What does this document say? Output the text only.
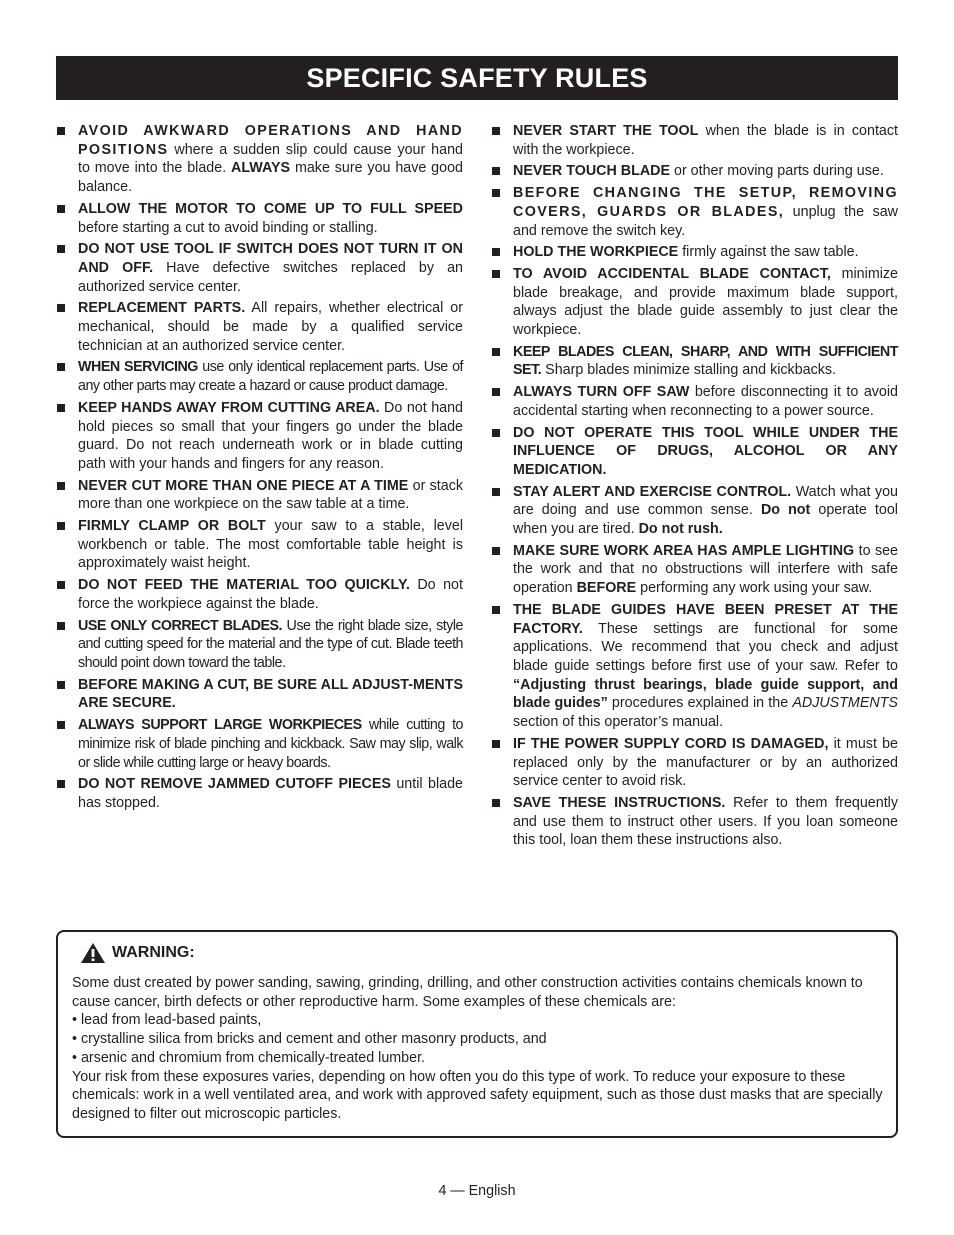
SPECIFIC SAFETY RULES
AVOID AWKWARD OPERATIONS AND HAND POSITIONS where a sudden slip could cause your hand to move into the blade. ALWAYS make sure you have good balance.
ALLOW THE MOTOR TO COME UP TO FULL SPEED before starting a cut to avoid binding or stalling.
DO NOT USE TOOL IF SWITCH DOES NOT TURN IT ON AND OFF. Have defective switches replaced by an authorized service center.
REPLACEMENT PARTS. All repairs, whether electrical or mechanical, should be made by a qualified service technician at an authorized service center.
WHEN SERVICING use only identical replacement parts. Use of any other parts may create a hazard or cause product damage.
KEEP HANDS AWAY FROM CUTTING AREA. Do not hand hold pieces so small that your fingers go under the blade guard. Do not reach underneath work or in blade cutting path with your hands and fingers for any reason.
NEVER CUT MORE THAN ONE PIECE AT A TIME or stack more than one workpiece on the saw table at a time.
FIRMLY CLAMP OR BOLT your saw to a stable, level workbench or table. The most comfortable table height is approximately waist height.
DO NOT FEED THE MATERIAL TOO QUICKLY. Do not force the workpiece against the blade.
USE ONLY CORRECT BLADES. Use the right blade size, style and cutting speed for the material and the type of cut. Blade teeth should point down toward the table.
BEFORE MAKING A CUT, BE SURE ALL ADJUST-MENTS ARE SECURE.
ALWAYS SUPPORT LARGE WORKPIECES while cutting to minimize risk of blade pinching and kickback. Saw may slip, walk or slide while cutting large or heavy boards.
DO NOT REMOVE JAMMED CUTOFF PIECES until blade has stopped.
NEVER START THE TOOL when the blade is in contact with the workpiece.
NEVER TOUCH BLADE or other moving parts during use.
BEFORE CHANGING THE SETUP, REMOVING COVERS, GUARDS OR BLADES, unplug the saw and remove the switch key.
HOLD THE WORKPIECE firmly against the saw table.
TO AVOID ACCIDENTAL BLADE CONTACT, minimize blade breakage, and provide maximum blade support, always adjust the blade guide assembly to just clear the workpiece.
KEEP BLADES CLEAN, SHARP, AND WITH SUFFICIENT SET. Sharp blades minimize stalling and kickbacks.
ALWAYS TURN OFF SAW before disconnecting it to avoid accidental starting when reconnecting to a power source.
DO NOT OPERATE THIS TOOL WHILE UNDER THE INFLUENCE OF DRUGS, ALCOHOL OR ANY MEDICATION.
STAY ALERT AND EXERCISE CONTROL. Watch what you are doing and use common sense. Do not operate tool when you are tired. Do not rush.
MAKE SURE WORK AREA HAS AMPLE LIGHTING to see the work and that no obstructions will interfere with safe operation BEFORE performing any work using your saw.
THE BLADE GUIDES HAVE BEEN PRESET AT THE FACTORY. These settings are functional for some applications. We recommend that you check and adjust blade guide settings before first use of your saw. Refer to “Adjusting thrust bearings, blade guide support, and blade guides” procedures explained in the ADJUSTMENTS section of this operator’s manual.
IF THE POWER SUPPLY CORD IS DAMAGED, it must be replaced only by the manufacturer or by an authorized service center to avoid risk.
SAVE THESE INSTRUCTIONS. Refer to them frequently and use them to instruct other users. If you loan someone this tool, loan them these instructions also.
WARNING:

Some dust created by power sanding, sawing, grinding, drilling, and other construction activities contains chemicals known to cause cancer, birth defects or other reproductive harm. Some examples of these chemicals are:

• lead from lead-based paints,

• crystalline silica from bricks and cement and other masonry products, and

• arsenic and chromium from chemically-treated lumber.

Your risk from these exposures varies, depending on how often you do this type of work. To reduce your exposure to these chemicals: work in a well ventilated area, and work with approved safety equipment, such as those dust masks that are specially designed to filter out microscopic particles.

4 — English
